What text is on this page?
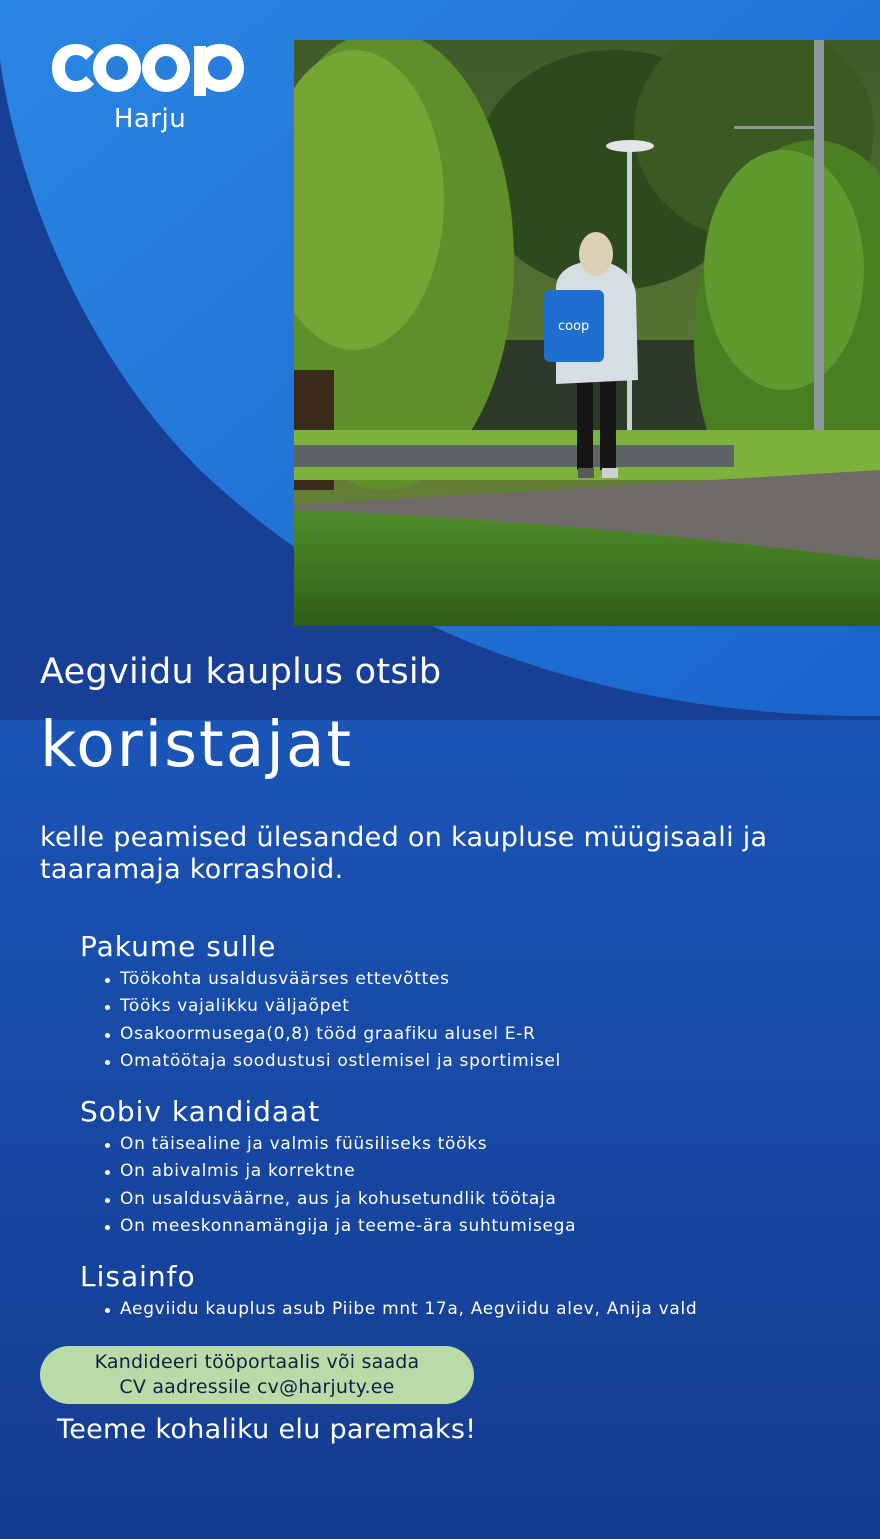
Harju
coop
Aegviidu kauplus otsib
koristajat
kelle peamised ülesanded on kaupluse müügisaali ja taaramaja korrashoid.
Pakume sulle
Töökohta usaldusväärses ettevõttes
Tööks vajalikku väljaõpet
Osakoormusega(0,8) tööd graafiku alusel E-R
Omatöötaja soodustusi ostlemisel ja sportimisel
Sobiv kandidaat
On täisealine ja valmis füüsiliseks tööks
On abivalmis ja korrektne
On usaldusväärne, aus ja kohusetundlik töötaja
On meeskonnamängija ja teeme-ära suhtumisega
Lisainfo
Aegviidu kauplus asub Piibe mnt 17a, Aegviidu alev, Anija vald
Kandideeri tööportaalis või saada
CV aadressile cv@harjuty.ee
Teeme kohaliku elu paremaks!
